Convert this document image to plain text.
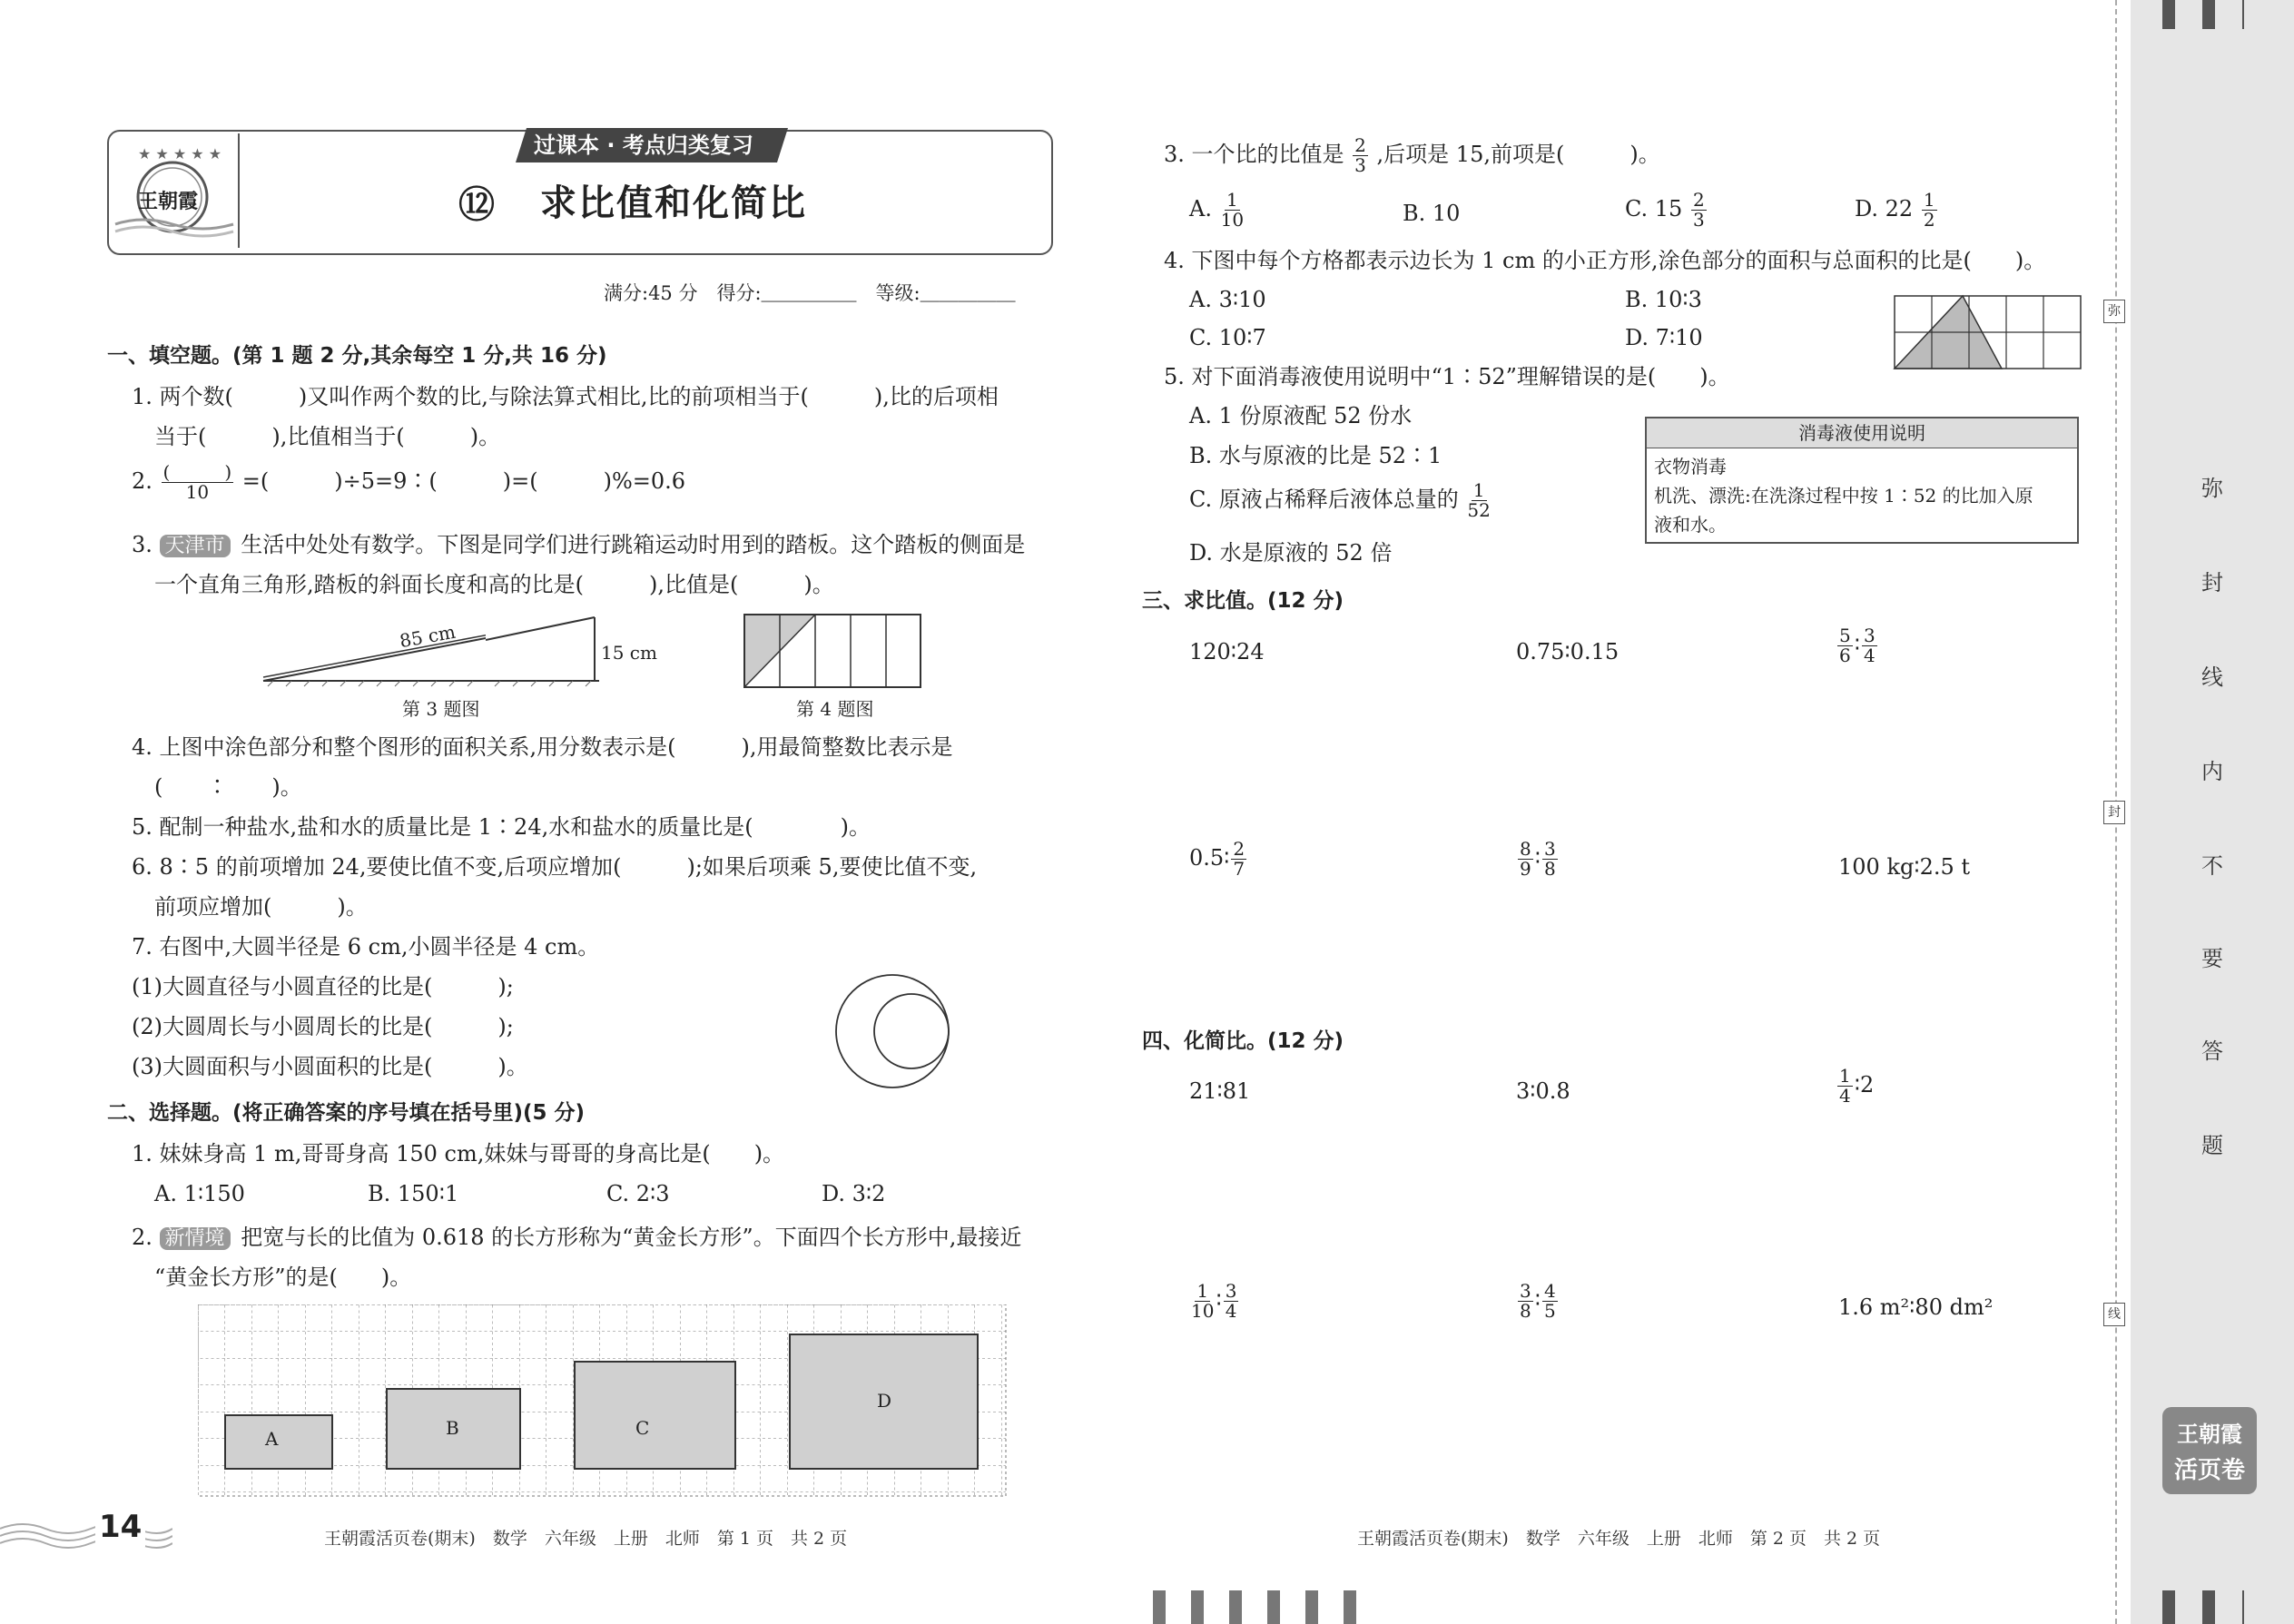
★ ★ ★ ★ ★
王朝霞
过课本 · 考点归类复习
⑫ 求比值和化简比
满分:45 分　得分:＿＿＿＿＿　等级:＿＿＿＿＿
一、填空题。(第 1 题 2 分,其余每空 1 分,共 16 分)
1. 两个数(　　　)又叫作两个数的比,与除法算式相比,比的前项相当于(　　　),比的后项相
当于(　　　),比值相当于(　　　)。
2. $\frac{( )}{10}$ =(　　　)÷5=9∶(　　　)=(　　　)%=0.6
3. 天津市 生活中处处有数学。下图是同学们进行跳箱运动时用到的踏板。这个踏板的侧面是
一个直角三角形,踏板的斜面长度和高的比是(　　　),比值是(　　　)。
85 cm
15 cm
第 3 题图	第 4 题图
4. 上图中涂色部分和整个图形的面积关系,用分数表示是(　　　),用最简整数比表示是
(　　∶　　)。
5. 配制一种盐水,盐和水的质量比是 1∶24,水和盐水的质量比是(　　　　)。
6. 8∶5 的前项增加 24,要使比值不变,后项应增加(　　　);如果后项乘 5,要使比值不变,
前项应增加(　　　)。
7. 右图中,大圆半径是 6 cm,小圆半径是 4 cm。
(1)大圆直径与小圆直径的比是(　　　);
(2)大圆周长与小圆周长的比是(　　　);
(3)大圆面积与小圆面积的比是(　　　)。
二、选择题。(将正确答案的序号填在括号里)(5 分)
1. 妹妹身高 1 m,哥哥身高 150 cm,妹妹与哥哥的身高比是(　　)。
A. 1∶150	B. 150∶1	C. 2∶3	D. 3∶2
2. 新情境 把宽与长的比值为 0.618 的长方形称为“黄金长方形”。下面四个长方形中,最接近
“黄金长方形”的是(　　)。
A	B	C
D
14	王朝霞活页卷(期末)　数学　六年级　上册　北师　第 1 页　共 2 页
3. 一个比的比值是 $\frac{2}{3}$ ,后项是 15,前项是(　　　)。
A. $\frac{1}{10}$	B. 10	C. $15 \frac{2}{3}$	D. $22 \frac{1}{2}$
4. 下图中每个方格都表示边长为 1 cm 的小正方形,涂色部分的面积与总面积的比是(　　)。
A. 3∶10	B. 10∶3
C. 10∶7	D. 7∶10
5. 对下面消毒液使用说明中“1∶52”理解错误的是(　　)。
A. 1 份原液配 52 份水
B. 水与原液的比是 52∶1
C. 原液占稀释后液体总量的 $\frac{1}{52}$
D. 水是原液的 52 倍
消毒液使用说明
衣物消毒
机洗、漂洗:在洗涤过程中按 1∶52 的比加入原
液和水。
三、求比值。(12 分)
120∶24	0.75∶0.15	$\frac{5}{6}$ ∶ $\frac{3}{4}$
0.5∶ $\frac{2}{7}$	$\frac{8}{9}$ ∶ $\frac{3}{8}$	100 kg∶2.5 t
四、化简比。(12 分)
21∶81	3∶0.8	$\frac{1}{4}$ ∶2
$\frac{1}{10}$ ∶ $\frac{3}{4}$	$\frac{3}{8}$ ∶ $\frac{4}{5}$	1.6 m²∶80 dm²
王朝霞活页卷(期末)　数学　六年级　上册　北师　第 2 页　共 2 页
弥
封
线
弥
封
线
内
不
要
答
题
王朝霞
活页卷
